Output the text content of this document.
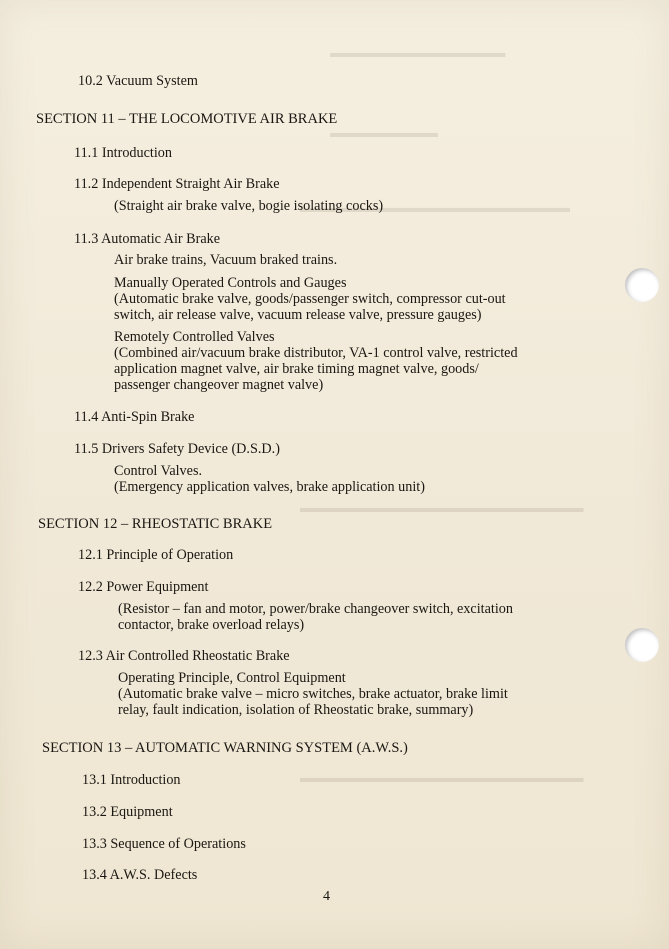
▬▬▬▬▬▬▬▬▬▬▬▬▬
▬▬▬▬▬▬▬▬
▬▬▬▬▬▬▬▬▬▬▬▬▬▬▬▬▬▬▬▬
▬▬▬▬▬▬▬▬▬▬▬▬▬▬▬▬▬▬▬▬▬
▬▬▬▬▬▬▬▬▬▬▬▬▬▬▬▬▬▬▬▬▬
10.2 Vacuum System
SECTION 11 – THE LOCOMOTIVE AIR BRAKE
11.1 Introduction
11.2 Independent Straight Air Brake
(Straight air brake valve, bogie isolating cocks)
11.3 Automatic Air Brake
Air brake trains, Vacuum braked trains.
Manually Operated Controls and Gauges
(Automatic brake valve, goods/passenger switch, compressor cut-out
switch, air release valve, vacuum release valve, pressure gauges)
Remotely Controlled Valves
(Combined air/vacuum brake distributor, VA-1 control valve, restricted
application magnet valve, air brake timing magnet valve, goods/
passenger changeover magnet valve)
11.4 Anti-Spin Brake
11.5 Drivers Safety Device (D.S.D.)
Control Valves.
(Emergency application valves, brake application unit)
SECTION 12 – RHEOSTATIC BRAKE
12.1 Principle of Operation
12.2 Power Equipment
(Resistor – fan and motor, power/brake changeover switch, excitation
contactor, brake overload relays)
12.3 Air Controlled Rheostatic Brake
Operating Principle, Control Equipment
(Automatic brake valve – micro switches, brake actuator, brake limit
relay, fault indication, isolation of Rheostatic brake, summary)
SECTION 13 – AUTOMATIC WARNING SYSTEM (A.W.S.)
13.1 Introduction
13.2 Equipment
13.3 Sequence of Operations
13.4 A.W.S. Defects
4
